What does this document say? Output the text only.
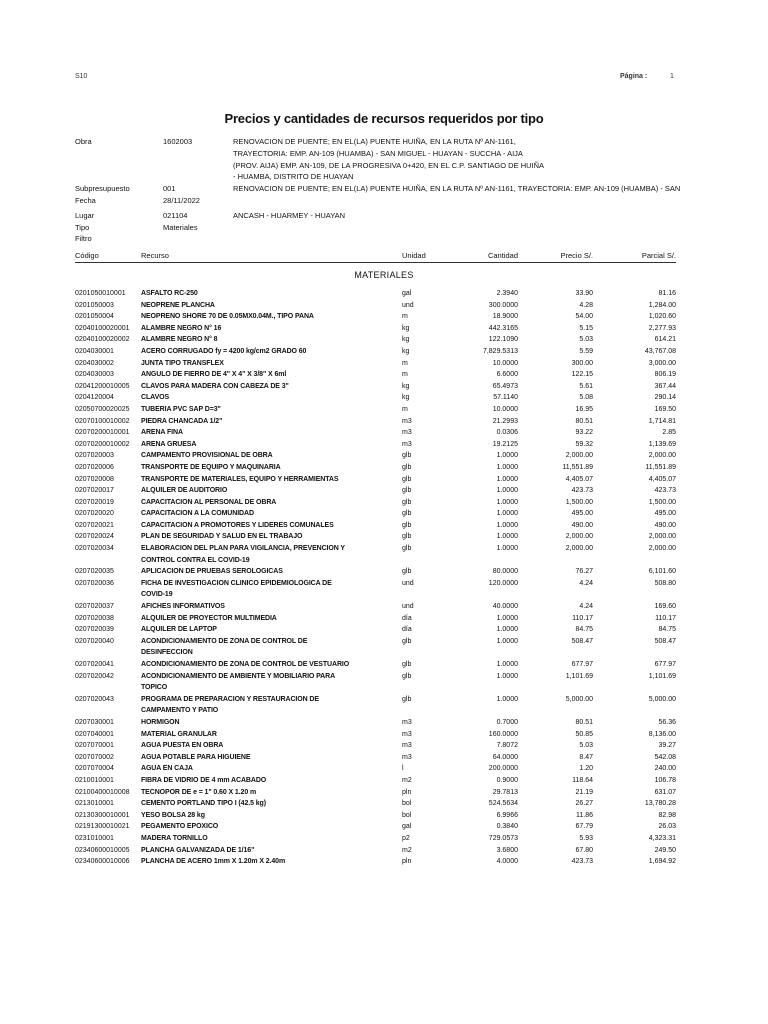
S10	Página :	1
Precios y cantidades de recursos requeridos por tipo
Obra	1602003	RENOVACION DE PUENTE; EN EL(LA) PUENTE HUIÑA, EN LA RUTA Nº AN-1161,
TRAYECTORIA: EMP. AN-109 (HUAMBA) - SAN MIGUEL - HUAYAN - SUCCHA - AIJA
(PROV. AIJA) EMP. AN-109, DE LA PROGRESIVA 0+420, EN EL C.P. SANTIAGO DE HUIÑA
- HUAMBA, DISTRITO DE HUAYAN
Subpresupuesto	001	RENOVACION DE PUENTE; EN EL(LA) PUENTE HUIÑA, EN LA RUTA Nº AN-1161, TRAYECTORIA: EMP. AN-109 (HUAMBA) - SAN
Fecha	28/11/2022
Lugar	021104	ANCASH - HUARMEY - HUAYAN
Tipo	Materiales
Filtro
Código	Recurso	Unidad	Cantidad	Precio S/.	Parcial S/.
MATERIALES
0201050010001 ASFALTO RC-250	gal	2.3940	33.90	81.16
0201050003	NEOPRENE PLANCHA	und	300.0000	4.28	1,284.00
0201050004	NEOPRENO SHORE 70 DE 0.05MX0.04M., TIPO PANA	m	18.9000	54.00	1,020.60
02040100020001 ALAMBRE NEGRO N° 16	kg	442.3165	5.15	2,277.93
02040100020002 ALAMBRE NEGRO N° 8	kg	122.1090	5.03	614.21
0204030001	ACERO CORRUGADO fy = 4200 kg/cm2 GRADO 60	kg	7,829.5313	5.59	43,767.08
0204030002	JUNTA TIPO TRANSFLEX	m	10.0000	300.00	3,000.00
0204030003	ANGULO DE FIERRO DE 4" X 4" X 3/8" X 6ml	m	6.6000	122.15	806.19
02041200010005 CLAVOS PARA MADERA CON CABEZA DE 3"	kg	65.4973	5.61	367.44
0204120004	CLAVOS	kg	57.1140	5.08	290.14
02050700020025 TUBERIA PVC SAP D=3"	m	10.0000	16.95	169.50
02070100010002 PIEDRA CHANCADA 1/2"	m3	21.2993	80.51	1,714.81
02070200010001 ARENA FINA	m3	0.0306	93.22	2.85
02070200010002 ARENA GRUESA	m3	19.2125	59.32	1,139.69
0207020003	CAMPAMENTO PROVISIONAL DE OBRA	glb	1.0000	2,000.00	2,000.00
0207020006	TRANSPORTE DE EQUIPO Y MAQUINARIA	glb	1.0000	11,551.89	11,551.89
0207020008	TRANSPORTE DE MATERIALES, EQUIPO Y HERRAMIENTAS	glb	1.0000	4,405.07	4,405.07
0207020017	ALQUILER DE AUDITORIO	glb	1.0000	423.73	423.73
0207020019	CAPACITACION AL PERSONAL DE OBRA	glb	1.0000	1,500.00	1,500.00
0207020020	CAPACITACION A LA COMUNIDAD	glb	1.0000	495.00	495.00
0207020021	CAPACITACION A PROMOTORES Y LIDERES COMUNALES	glb	1.0000	490.00	490.00
0207020024	PLAN DE SEGURIDAD Y SALUD EN EL TRABAJO	glb	1.0000	2,000.00	2,000.00
0207020034	ELABORACION DEL PLAN PARA VIGILANCIA, PREVENCION Y
CONTROL CONTRA EL COVID-19
glb	1.0000	2,000.00	2,000.00
0207020035	APLICACION DE PRUEBAS SEROLOGICAS	glb	80.0000	76.27	6,101.60
0207020036	FICHA DE INVESTIGACION CLINICO EPIDEMIOLOGICA DE
COVID-19
und	120.0000	4.24	508.80
0207020037	AFICHES INFORMATIVOS	und	40.0000	4.24	169.60
0207020038	ALQUILER DE PROYECTOR MULTIMEDIA	día	1.0000	110.17	110.17
0207020039	ALQUILER DE LAPTOP	día	1.0000	84.75	84.75
0207020040	ACONDICIONAMIENTO DE ZONA DE CONTROL DE
DESINFECCION
glb	1.0000	508.47	508.47
0207020041	ACONDICIONAMIENTO DE ZONA DE CONTROL DE VESTUARIO	glb	1.0000	677.97	677.97
0207020042	ACONDICIONAMIENTO DE AMBIENTE Y MOBILIARIO PARA
TOPICO
glb	1.0000	1,101.69	1,101.69
0207020043	PROGRAMA DE PREPARACION Y RESTAURACION DE
CAMPAMENTO Y PATIO
glb	1.0000	5,000.00	5,000.00
0207030001	HORMIGON	m3	0.7000	80.51	56.36
0207040001	MATERIAL GRANULAR	m3	160.0000	50.85	8,136.00
0207070001	AGUA PUESTA EN OBRA	m3	7.8072	5.03	39.27
0207070002	AGUA POTABLE PARA HIGUIENE	m3	64.0000	8.47	542.08
0207070004	AGUA EN CAJA	l	200.0000	1.20	240.00
0210010001	FIBRA DE VIDRIO DE 4 mm ACABADO	m2	0.9000	118.64	106.78
02100400010008 TECNOPOR DE e = 1" 0.60 X 1.20 m	pln	29.7813	21.19	631.07
0213010001	CEMENTO PORTLAND TIPO I (42.5 kg)	bol	524.5634	26.27	13,780.28
02130300010001 YESO BOLSA 28 kg	bol	6.9966	11.86	82.98
02191300010021 PEGAMENTO EPOXICO	gal	0.3840	67.79	26.03
0231010001	MADERA TORNILLO	p2	729.0573	5.93	4,323.31
02340600010005 PLANCHA GALVANIZADA DE 1/16"	m2	3.6800	67.80	249.50
02340600010006 PLANCHA DE ACERO 1mm X 1.20m X 2.40m	pln	4.0000	423.73	1,694.92
